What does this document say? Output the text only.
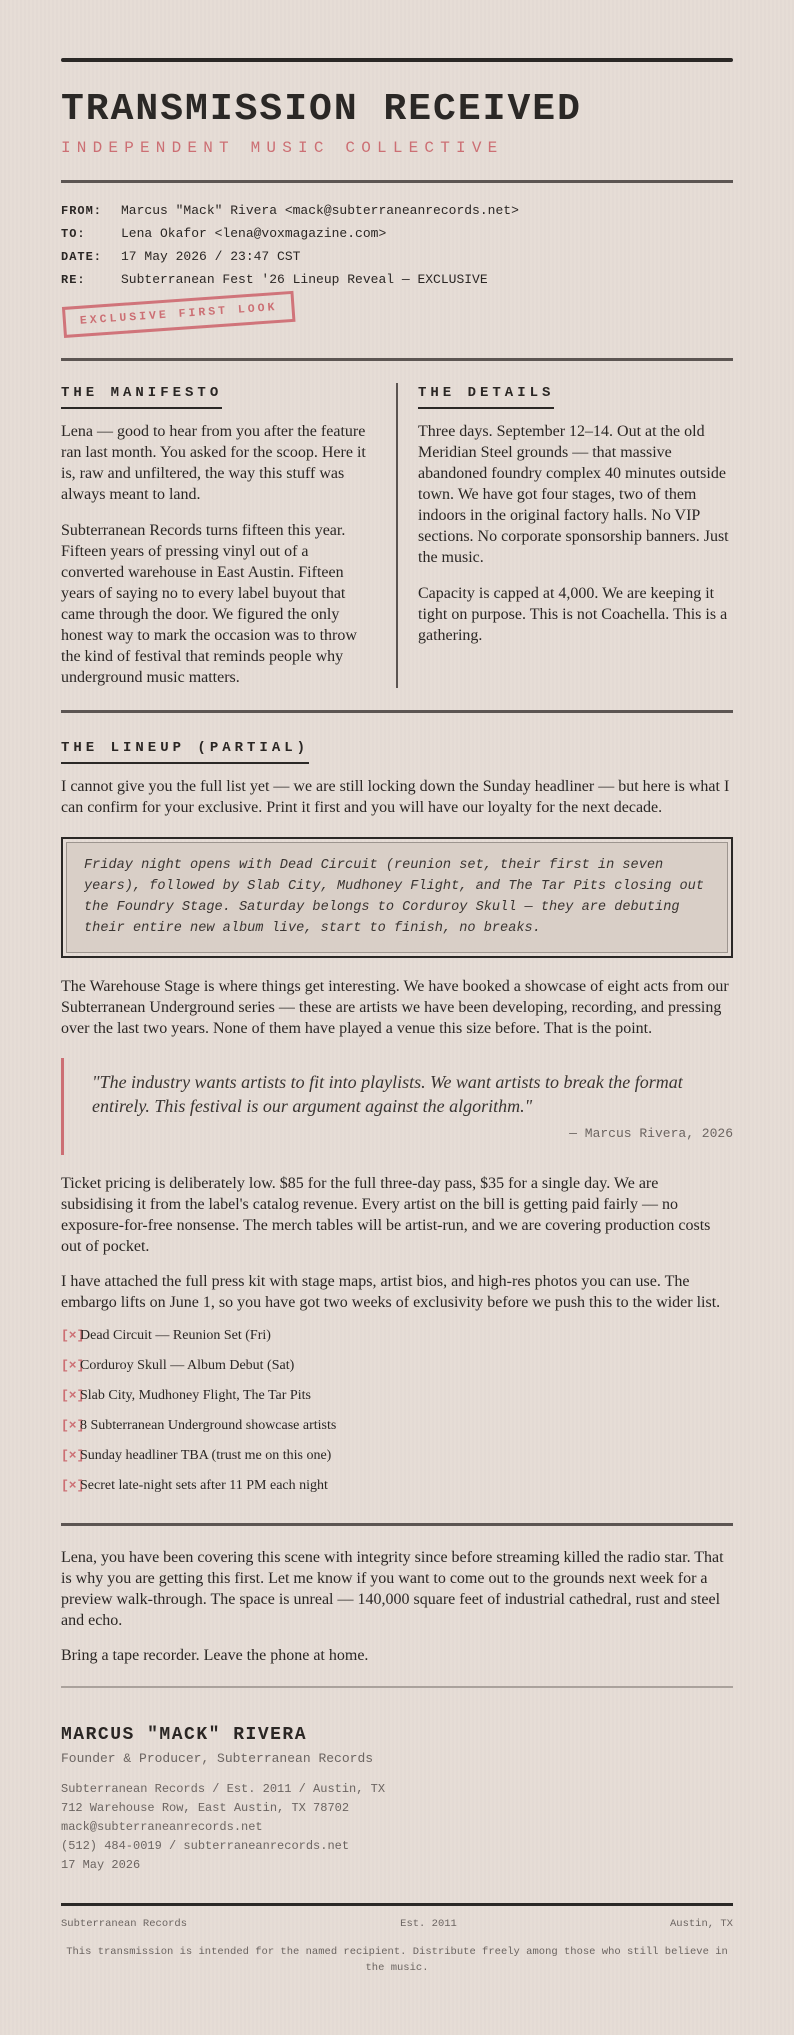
TRANSMISSION RECEIVED
INDEPENDENT MUSIC COLLECTIVE
FROM:	Marcus "Mack" Rivera <mack@subterraneanrecords.net>
TO:	Lena Okafor <lena@voxmagazine.com>
DATE:	17 May 2026 / 23:47 CST
RE:	Subterranean Fest '26 Lineup Reveal — EXCLUSIVE
EXCLUSIVE FIRST LOOK
THE MANIFESTO

Lena — good to hear from you after the feature ran last month. You asked for the scoop. Here it is, raw and unfiltered, the way this stuff was always meant to land.

Subterranean Records turns fifteen this year. Fifteen years of pressing vinyl out of a converted warehouse in East Austin. Fifteen years of saying no to every label buyout that came through the door. We figured the only honest way to mark the occasion was to throw the kind of festival that reminds people why underground music matters.

THE DETAILS

Three days. September 12–14. Out at the old Meridian Steel grounds — that massive abandoned foundry complex 40 minutes outside town. We have got four stages, two of them indoors in the original factory halls. No VIP sections. No corporate sponsorship banners. Just the music.

Capacity is capped at 4,000. We are keeping it tight on purpose. This is not Coachella. This is a gathering.

THE LINEUP (PARTIAL)

I cannot give you the full list yet — we are still locking down the Sunday headliner — but here is what I can confirm for your exclusive. Print it first and you will have our loyalty for the next decade.

Friday night opens with Dead Circuit (reunion set, their first in seven years), followed by Slab City, Mudhoney Flight, and The Tar Pits closing out the Foundry Stage. Saturday belongs to Corduroy Skull — they are debuting their entire new album live, start to finish, no breaks.

The Warehouse Stage is where things get interesting. We have booked a showcase of eight acts from our Subterranean Underground series — these are artists we have been developing, recording, and pressing over the last two years. None of them have played a venue this size before. That is the point.

"The industry wants artists to fit into playlists. We want artists to break the format entirely. This festival is our argument against the algorithm."
— Marcus Rivera, 2026

Ticket pricing is deliberately low. $85 for the full three-day pass, $35 for a single day. We are subsidising it from the label's catalog revenue. Every artist on the bill is getting paid fairly — no exposure-for-free nonsense. The merch tables will be artist-run, and we are covering production costs out of pocket.

I have attached the full press kit with stage maps, artist bios, and high-res photos you can use. The embargo lifts on June 1, so you have got two weeks of exclusivity before we push this to the wider list.

[×]
Dead Circuit — Reunion Set (Fri)
[×]
Corduroy Skull — Album Debut (Sat)
[×]
Slab City, Mudhoney Flight, The Tar Pits
[×]
8 Subterranean Underground showcase artists
[×]
Sunday headliner TBA (trust me on this one)
[×]
Secret late-night sets after 11 PM each night

Lena, you have been covering this scene with integrity since before streaming killed the radio star. That is why you are getting this first. Let me know if you want to come out to the grounds next week for a preview walk-through. The space is unreal — 140,000 square feet of industrial cathedral, rust and steel and echo.

Bring a tape recorder. Leave the phone at home.

MARCUS "MACK" RIVERA
Founder & Producer, Subterranean Records
Subterranean Records / Est. 2011 / Austin, TX
712 Warehouse Row, East Austin, TX 78702
mack@subterraneanrecords.net
(512) 484-0019 / subterraneanrecords.net
17 May 2026
Subterranean Records	Est. 2011	Austin, TX
This transmission is intended for the named recipient. Distribute freely among those who still believe in the music.
